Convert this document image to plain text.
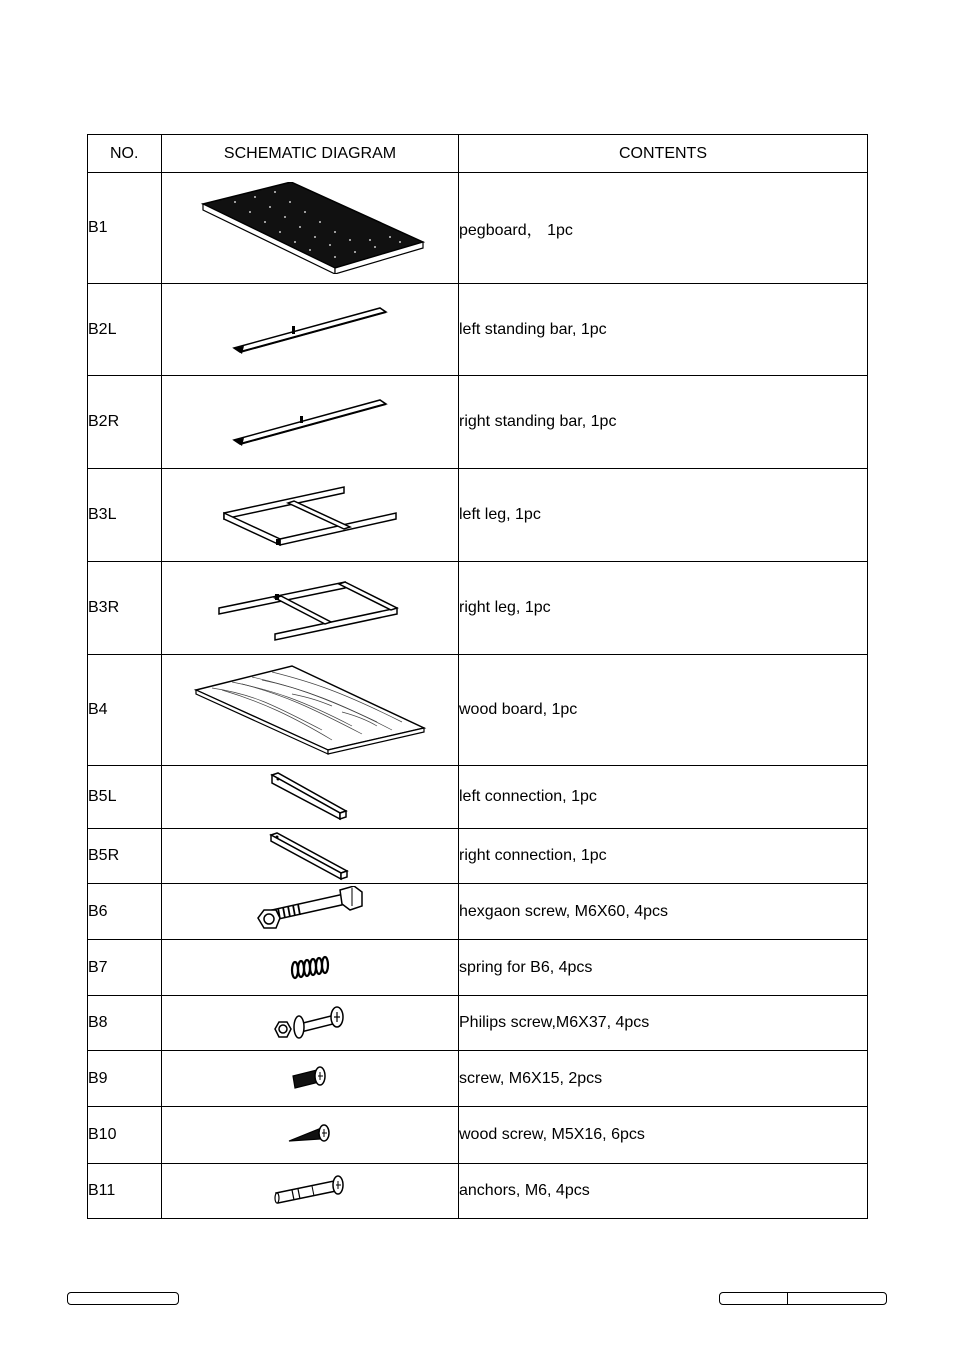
NO.	SCHEMATIC DIAGRAM	CONTENTS
B1		pegboard， 1pc
B2L		left standing bar, 1pc
B2R		right standing bar, 1pc
B3L		left leg, 1pc
B3R		right leg, 1pc
B4		wood board, 1pc
B5L		left connection, 1pc
B5R		right connection, 1pc
B6		hexgaon screw, M6X60, 4pcs
B7		spring for B6, 4pcs
B8		Philips screw,M6X37, 4pcs
B9		screw, M6X15, 2pcs
B10		wood screw, M5X16, 6pcs
B11		anchors, M6, 4pcs
